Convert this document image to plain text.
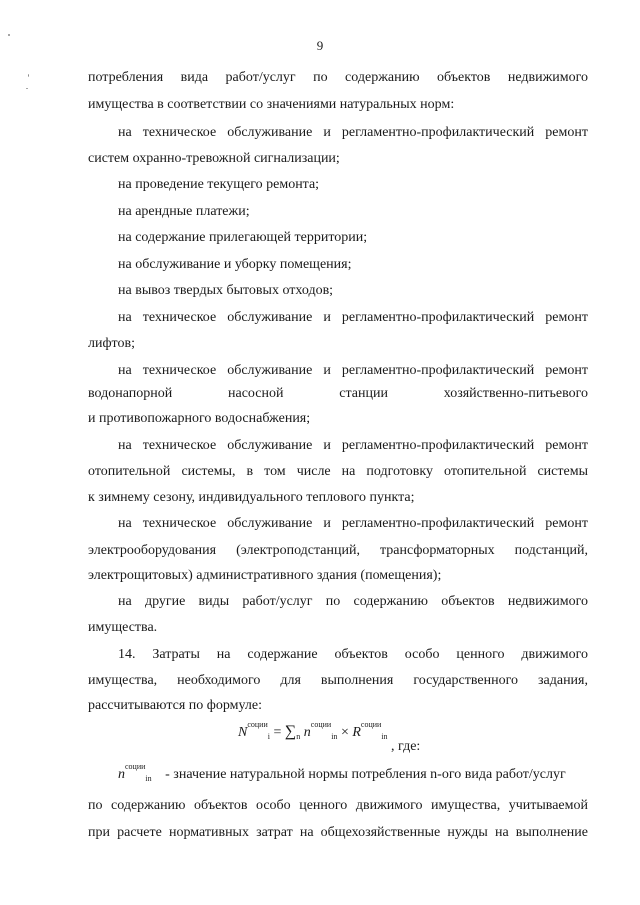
9
потребления вида работ/услуг по содержанию объектов недвижимого
имущества в соответствии со значениями натуральных норм:
на техническое обслуживание и регламентно-профилактический ремонт
систем охранно-тревожной сигнализации;
на проведение текущего ремонта;
на арендные платежи;
на содержание прилегающей территории;
на обслуживание и уборку помещения;
на вывоз твердых бытовых отходов;
на техническое обслуживание и регламентно-профилактический ремонт
лифтов;
на техническое обслуживание и регламентно-профилактический ремонт
водонапорной насосной станции хозяйственно-питьевого
и противопожарного водоснабжения;
на техническое обслуживание и регламентно-профилактический ремонт
отопительной системы, в том числе на подготовку отопительной системы
к зимнему сезону, индивидуального теплового пункта;
на техническое обслуживание и регламентно-профилактический ремонт
электрооборудования (электроподстанций, трансформаторных подстанций,
электрощитовых) административного здания (помещения);
на другие виды работ/услуг по содержанию объектов недвижимого
имущества.
14. Затраты на содержание объектов особо ценного движимого
имущества, необходимого для выполнения государственного задания,
рассчитываются по формуле:
$N^{соции}_i = \sum_n$ $n^{соции}_{in} \times R^{соции}_{in}$ , где:
$n^{соции}_{in}$ - значение натуральной нормы потребления n-ого вида работ/услуг
по содержанию объектов особо ценного движимого имущества, учитываемой
при расчете нормативных затрат на общехозяйственные нужды на выполнение
